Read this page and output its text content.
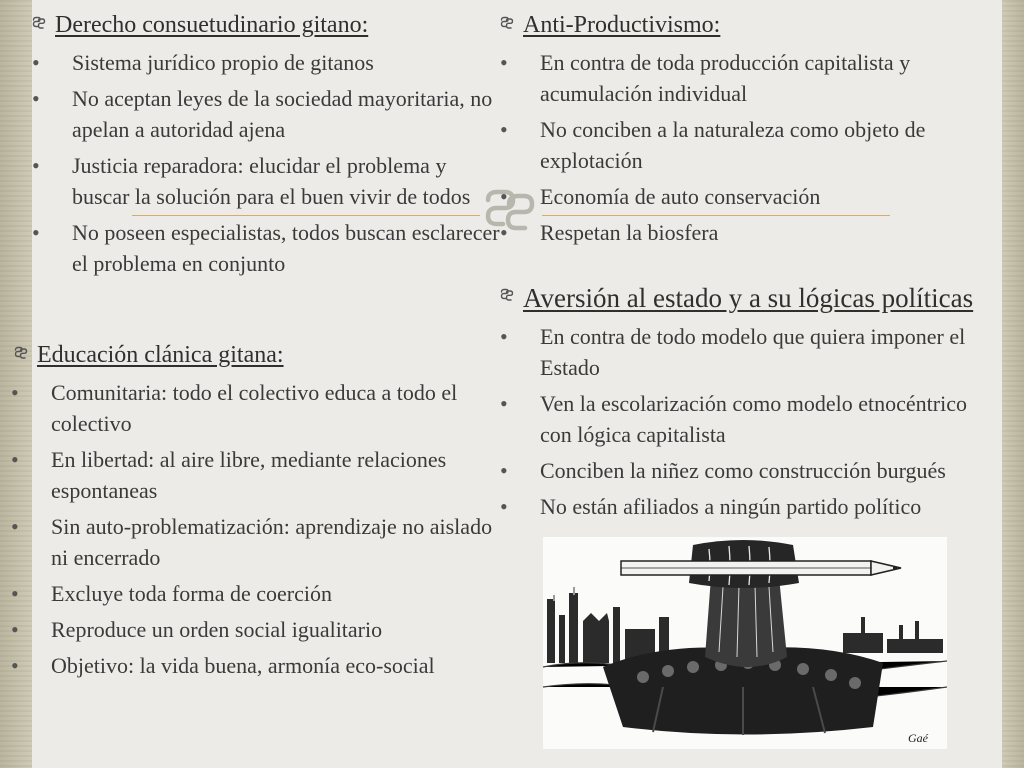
Derecho consuetudinario gitano:
• Sistema jurídico propio de gitanos
• No aceptan leyes de la sociedad mayoritaria, no apelan a autoridad ajena
• Justicia reparadora: elucidar el problema y buscar la solución para el buen vivir de todos
• No poseen especialistas, todos buscan esclarecer el problema en conjunto
Educación clánica gitana:
• Comunitaria: todo el colectivo educa a todo el colectivo
• En libertad: al aire libre, mediante relaciones espontaneas
• Sin auto-problematización: aprendizaje no aislado ni encerrado
• Excluye toda forma de coerción
• Reproduce un orden social igualitario
• Objetivo: la vida buena, armonía eco-social
Anti-Productivismo:
• En contra de toda producción capitalista y acumulación individual
• No conciben a la naturaleza como objeto de explotación
• Economía de auto conservación
• Respetan la biosfera
Aversión al estado y a su lógicas políticas
• En contra de todo modelo que quiera imponer el Estado
• Ven la escolarización como modelo etnocéntrico con lógica capitalista
• Conciben la niñez como construcción burgués
• No están afiliados a ningún partido político
Gaé
